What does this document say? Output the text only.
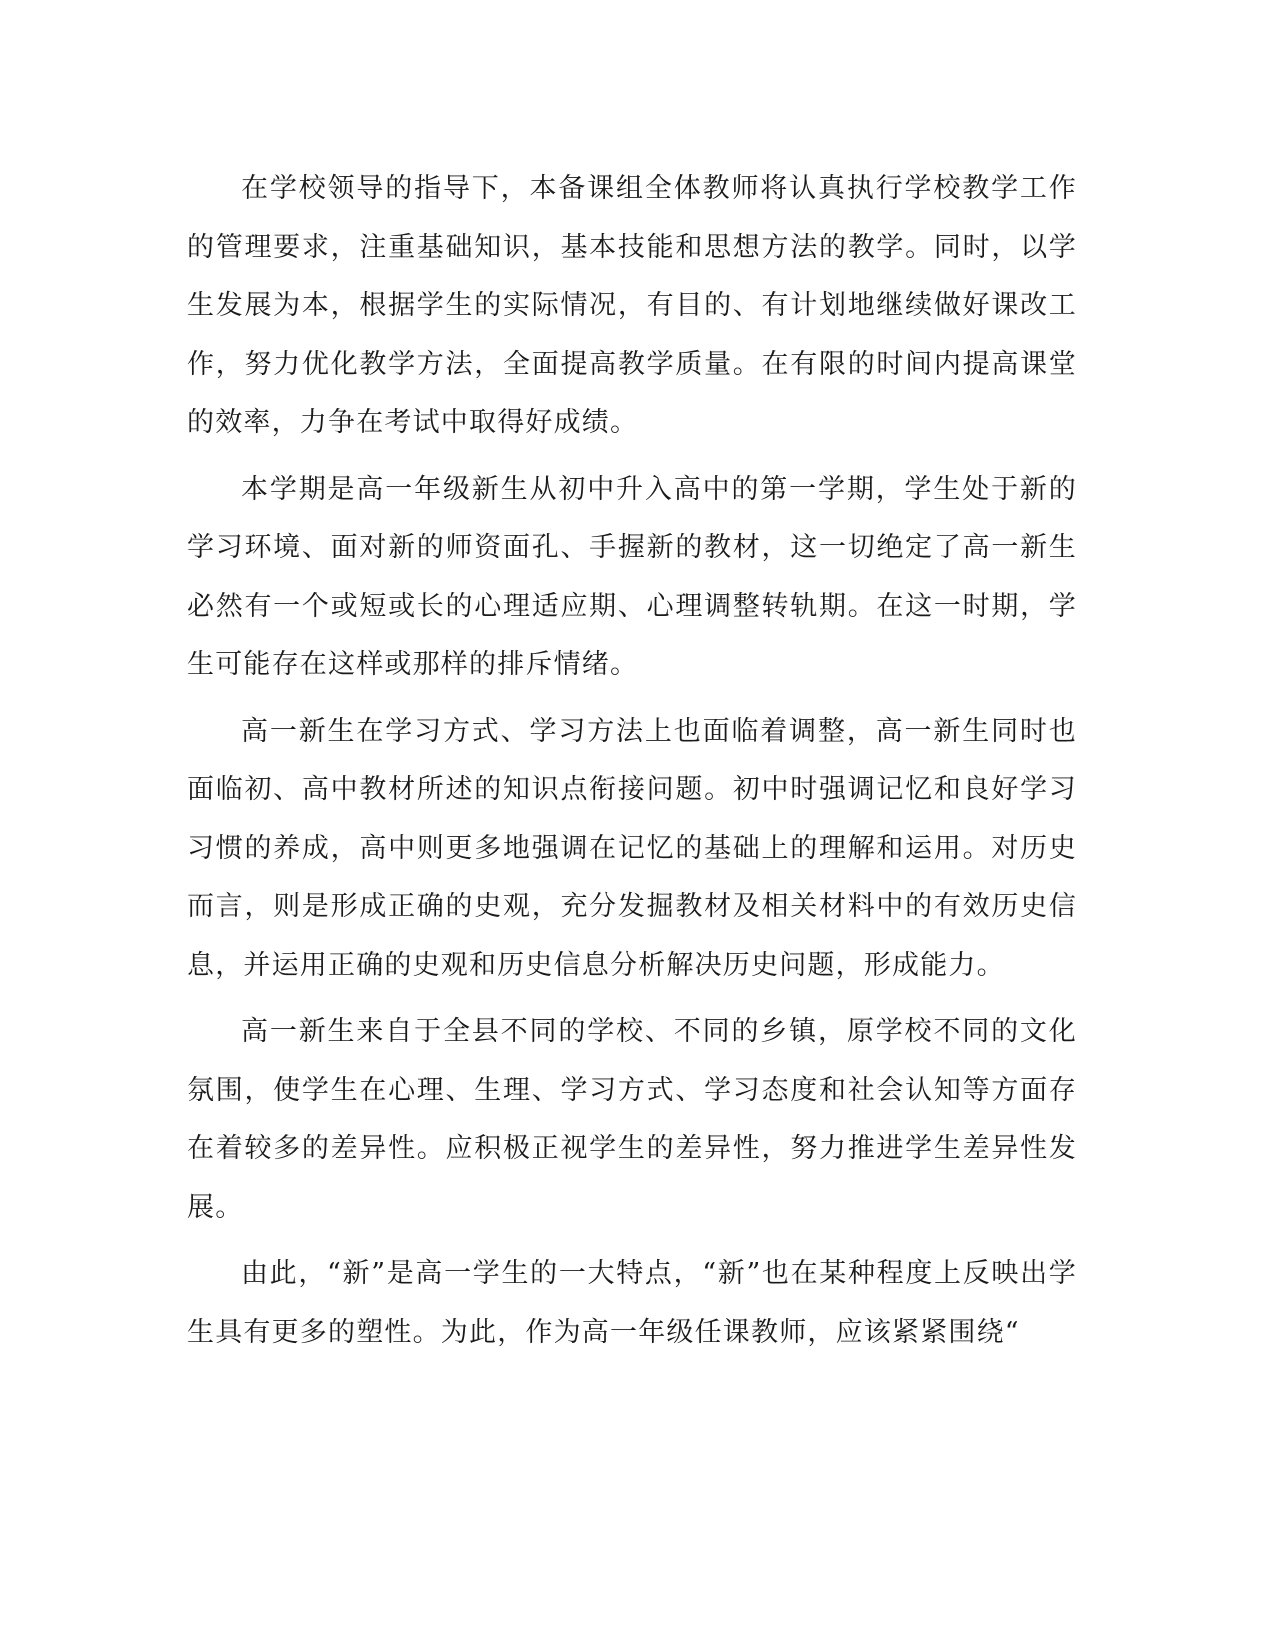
在学校领导的指导下，本备课组全体教师将认真执行学校教学工作的管理要求，注重基础知识，基本技能和思想方法的教学。同时，以学生发展为本，根据学生的实际情况，有目的、有计划地继续做好课改工作，努力优化教学方法，全面提高教学质量。在有限的时间内提高课堂的效率，力争在考试中取得好成绩。

本学期是高一年级新生从初中升入高中的第一学期，学生处于新的学习环境、面对新的师资面孔、手握新的教材，这一切绝定了高一新生必然有一个或短或长的心理适应期、心理调整转轨期。在这一时期，学生可能存在这样或那样的排斥情绪。

高一新生在学习方式、学习方法上也面临着调整，高一新生同时也面临初、高中教材所述的知识点衔接问题。初中时强调记忆和良好学习习惯的养成，高中则更多地强调在记忆的基础上的理解和运用。对历史而言，则是形成正确的史观，充分发掘教材及相关材料中的有效历史信息，并运用正确的史观和历史信息分析解决历史问题，形成能力。

高一新生来自于全县不同的学校、不同的乡镇，原学校不同的文化氛围，使学生在心理、生理、学习方式、学习态度和社会认知等方面存在着较多的差异性。应积极正视学生的差异性，努力推进学生差异性发展。

由此，“新”是高一学生的一大特点，“新”也在某种程度上反映出学生具有更多的塑性。为此，作为高一年级任课教师，应该紧紧围绕“
